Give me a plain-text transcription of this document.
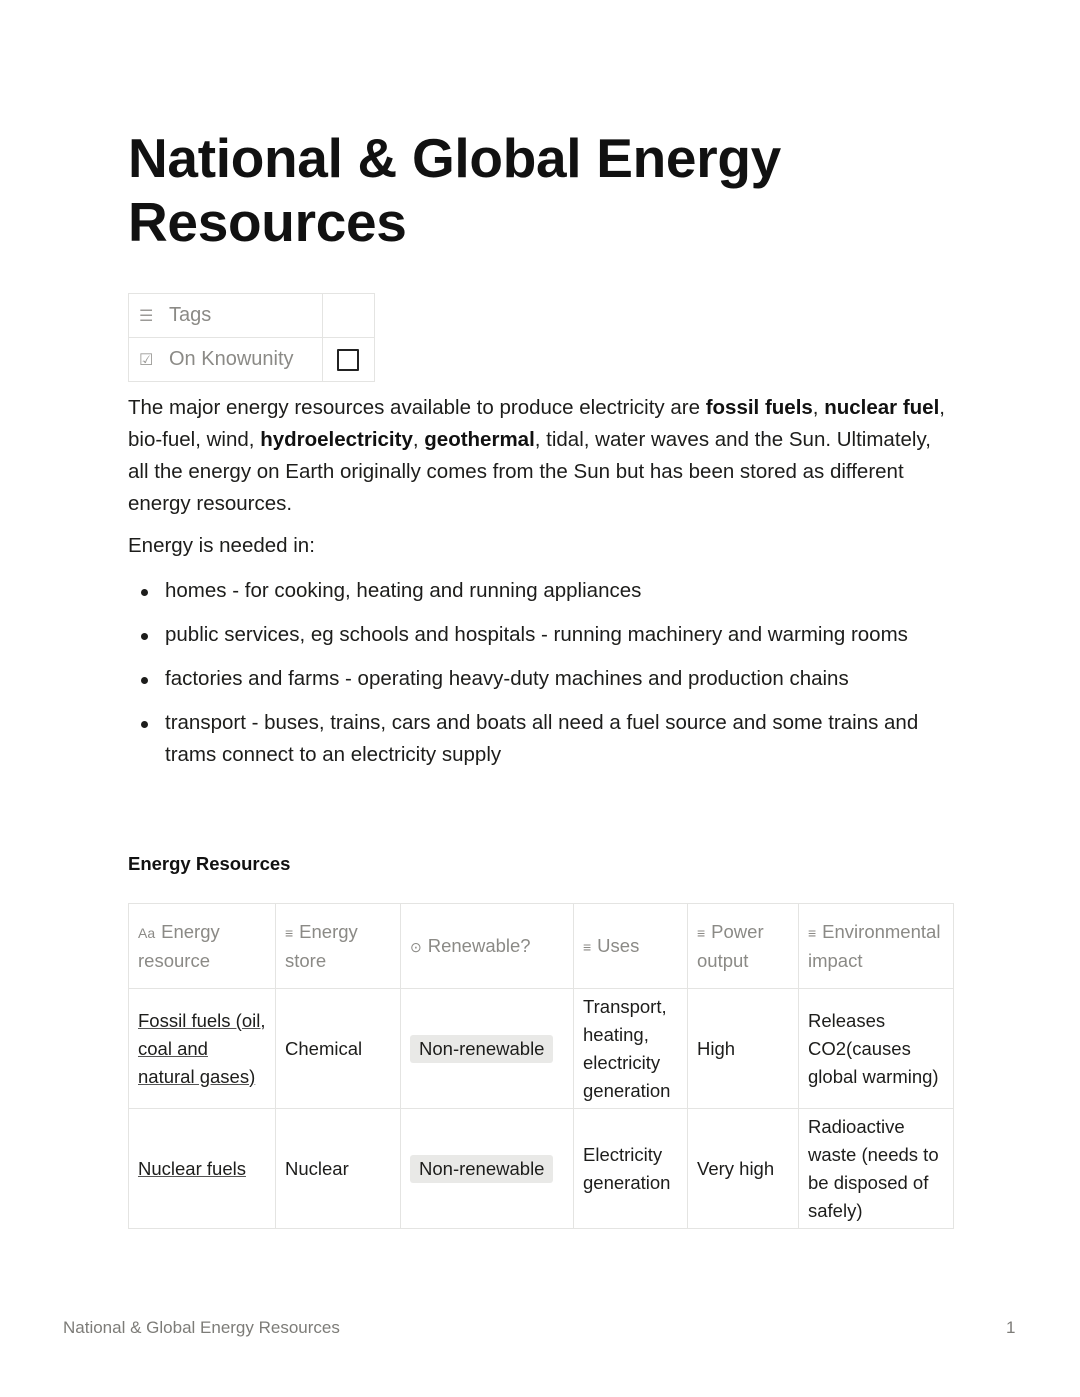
National & Global Energy Resources
☰ Tags	
☑ On Knowunity	

The major energy resources available to produce electricity are fossil fuels, nuclear fuel, bio-fuel, wind, hydroelectricity, geothermal, tidal, water waves and the Sun. Ultimately, all the energy on Earth originally comes from the Sun but has been stored as different energy resources.

Energy is needed in:

homes - for cooking, heating and running appliances
public services, eg schools and hospitals - running machinery and warming rooms
factories and farms - operating heavy-duty machines and production chains
transport - buses, trains, cars and boats all need a fuel source and some trains and trams connect to an electricity supply

Energy Resources

Aa Energy resource	≡ Energy store	⊙ Renewable?	≡ Uses	≡ Power output	≡ Environmental impact
Fossil fuels (oil, coal and natural gases)	Chemical	Non-renewable	Transport, heating, electricity generation	High	Releases CO2(causes global warming)
Nuclear fuels	Nuclear	Non-renewable	Electricity generation	Very high	Radioactive waste (needs to be disposed of safely)
National & Global Energy Resources	1
